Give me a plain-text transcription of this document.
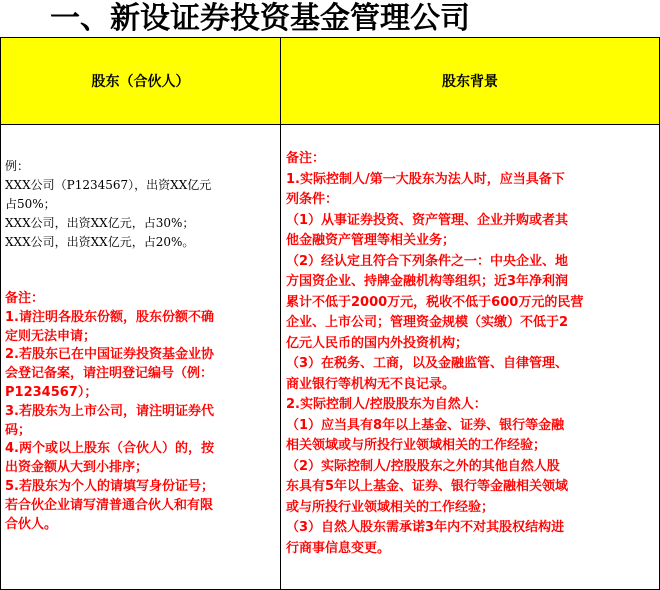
一、新设证券投资基金管理公司
股东（合伙人）	股东背景
例：
XXX公司（P1234567），出资XX亿元
占50%；
XXX公司，出资XX亿元，占30%；
XXX公司，出资XX亿元，占20%。
备注：
1.请注明各股东份额，股东份额不确
定则无法申请；
2.若股东已在中国证券投资基金业协
会登记备案，请注明登记编号（例：
P1234567）；
3.若股东为上市公司，请注明证券代
码；
4.两个或以上股东（合伙人）的，按
出资金额从大到小排序；
5.若股东为个人的请填写身份证号；
若合伙企业请写清普通合伙人和有限
合伙人。
备注：
1.实际控制人/第一大股东为法人时，应当具备下
列条件：
（1）从事证券投资、资产管理、企业并购或者其
他金融资产管理等相关业务；
（2）经认定且符合下列条件之一：中央企业、地
方国资企业、持牌金融机构等组织；近3年净利润
累计不低于2000万元，税收不低于600万元的民营
企业、上市公司；管理资金规模（实缴）不低于2
亿元人民币的国内外投资机构；
（3）在税务、工商，以及金融监管、自律管理、
商业银行等机构无不良记录。
2.实际控制人/控股股东为自然人：
（1）应当具有8年以上基金、证券、银行等金融
相关领域或与所投行业领域相关的工作经验；
（2）实际控制人/控股股东之外的其他自然人股
东具有5年以上基金、证券、银行等金融相关领域
或与所投行业领域相关的工作经验；
（3）自然人股东需承诺3年内不对其股权结构进
行商事信息变更。
